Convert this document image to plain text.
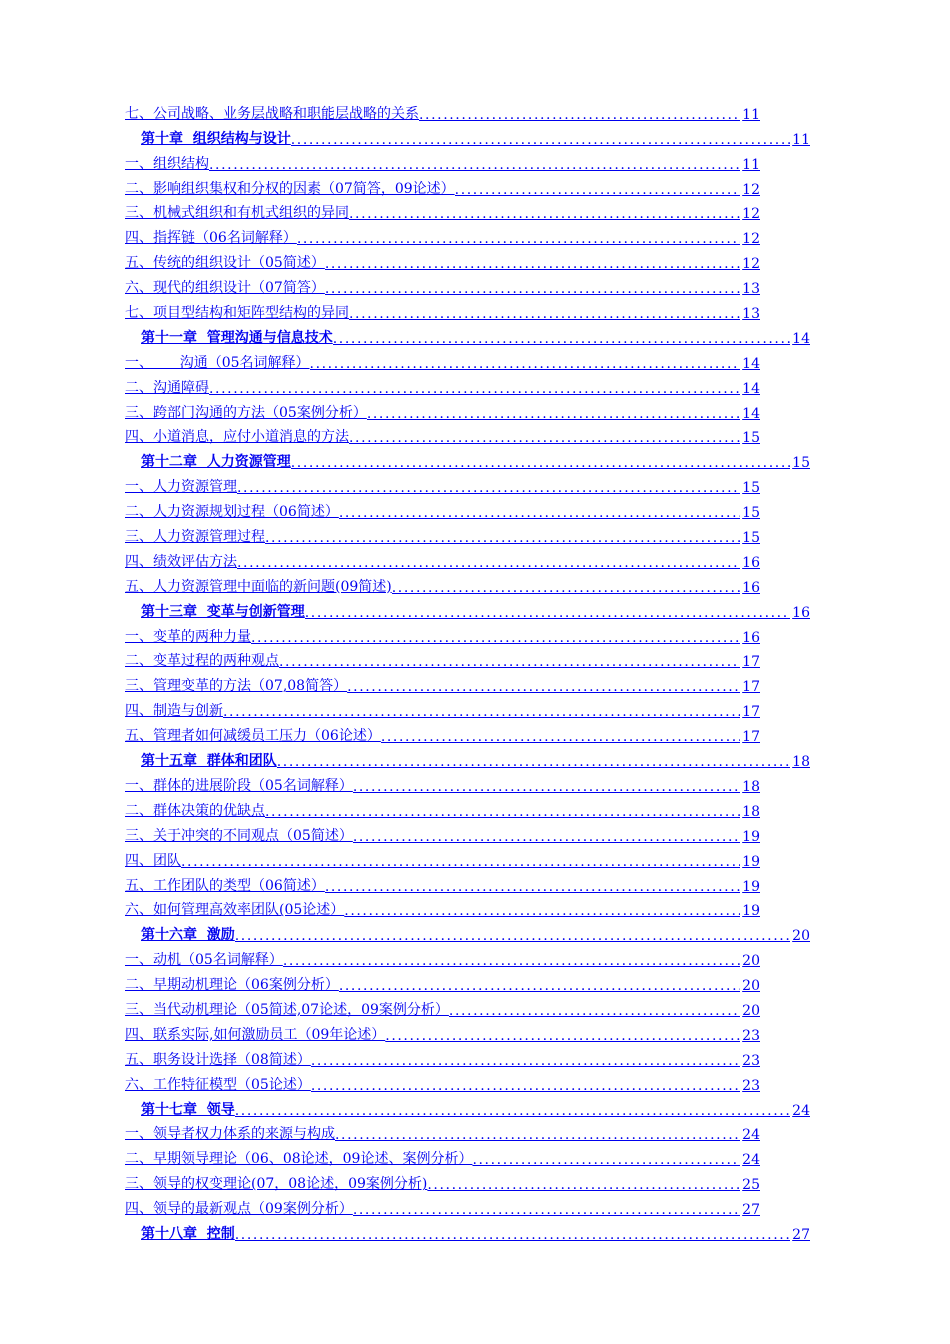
七、公司战略、业务层战略和职能层战略的关系 .....	11
第十章  组织结构与设计 .....	11
一、组织结构 .....	11
二、影响组织集权和分权的因素（07简答，09论述） .....	12
三、机械式组织和有机式组织的异同 .....	12
四、指挥链（06名词解释） .....	12
五、传统的组织设计（05简述） .....	12
六、现代的组织设计（07简答） .....	13
七、项目型结构和矩阵型结构的异同 .....	13
第十一章  管理沟通与信息技术 .....	14
一、      沟通（05名词解释） .....	14
二、沟通障碍 .....	14
三、跨部门沟通的方法（05案例分析） .....	14
四、小道消息，应付小道消息的方法 .....	15
第十二章  人力资源管理 .....	15
一、人力资源管理 .....	15
二、人力资源规划过程（06简述） .....	15
三、人力资源管理过程 .....	15
四、绩效评估方法 .....	16
五、人力资源管理中面临的新问题(09简述) .....	16
第十三章  变革与创新管理 .....	16
一、变革的两种力量 .....	16
二、变革过程的两种观点 .....	17
三、管理变革的方法（07,08简答） .....	17
四、制造与创新 .....	17
五、管理者如何减缓员工压力（06论述） .....	17
第十五章  群体和团队 .....	18
一、群体的进展阶段（05名词解释） .....	18
二、群体决策的优缺点 .....	18
三、关于冲突的不同观点（05简述） .....	19
四、团队 .....	19
五、工作团队的类型（06简述） .....	19
六、如何管理高效率团队(05论述） .....	19
第十六章  激励 .....	20
一、动机（05名词解释） .....	20
二、早期动机理论（06案例分析） .....	20
三、当代动机理论（05简述,07论述，09案例分析） .....	20
四、联系实际,如何激励员工（09年论述） .....	23
五、职务设计选择（08简述） .....	23
六、工作特征模型（05论述） .....	23
第十七章  领导 .....	24
一、领导者权力体系的来源与构成 .....	24
二、早期领导理论（06、08论述，09论述、案例分析） .....	24
三、领导的权变理论(07，08论述，09案例分析) .....	25
四、领导的最新观点（09案例分析） .....	27
第十八章  控制 .....	27
